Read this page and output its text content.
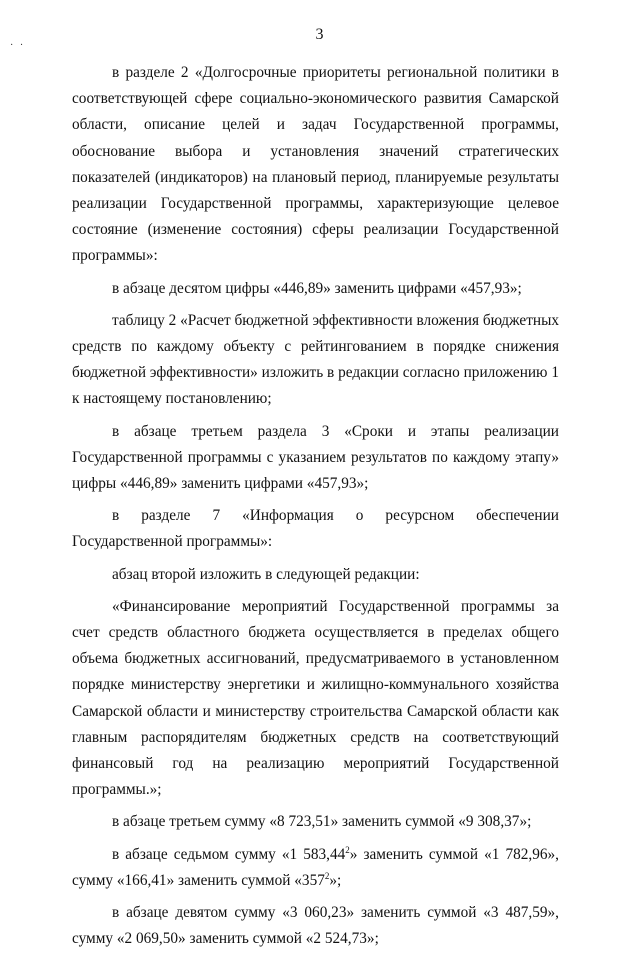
· ·
3

в разделе 2 «Долгосрочные приоритеты региональной политики в соответствующей сфере социально-экономического развития Самарской области, описание целей и задач Государственной программы, обоснование выбора и установления значений стратегических показателей (индикаторов) на плановый период, планируемые результаты реализации Государственной программы, характеризующие целевое состояние (изменение состояния) сферы реализации Государственной программы»:

в абзаце десятом цифры «446,89» заменить цифрами «457,93»;

таблицу 2 «Расчет бюджетной эффективности вложения бюджетных средств по каждому объекту с рейтингованием в порядке снижения бюджетной эффективности» изложить в редакции согласно приложению 1 к настоящему постановлению;

в абзаце третьем раздела 3 «Сроки и этапы реализации Государственной программы с указанием результатов по каждому этапу» цифры «446,89» заменить цифрами «457,93»;

в разделе 7 «Информация о ресурсном обеспечении Государственной программы»:

абзац второй изложить в следующей редакции:

«Финансирование мероприятий Государственной программы за счет средств областного бюджета осуществляется в пределах общего объема бюджетных ассигнований, предусматриваемого в установленном порядке министерству энергетики и жилищно-коммунального хозяйства Самарской области и министерству строительства Самарской области как главным распорядителям бюджетных средств на соответствующий финансовый год на реализацию мероприятий Государственной программы.»;

в абзаце третьем сумму «8 723,51» заменить суммой «9 308,37»;

в абзаце седьмом сумму «1 583,44$^2$» заменить суммой «1 782,96», сумму «166,41» заменить суммой «$357^2$»;

в абзаце девятом сумму «3 060,23» заменить суммой «3 487,59», сумму «2 069,50» заменить суммой «2 524,73»;
